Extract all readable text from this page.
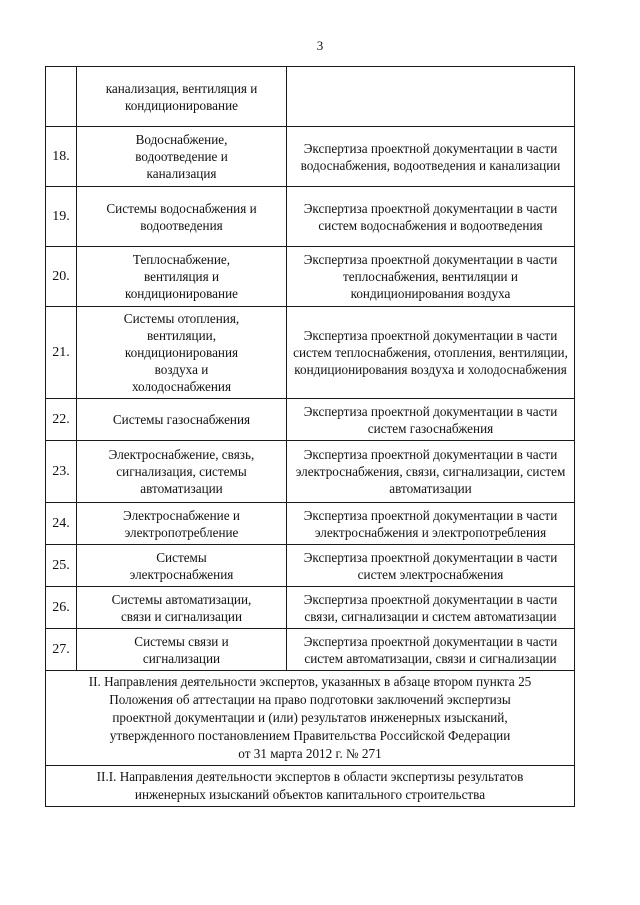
3

	канализация, вентиляция и
кондиционирование	

18.	Водоснабжение,
водоотведение и
канализация	Экспертиза проектной документации в части
водоснабжения, водоотведения и канализации

19.	Системы водоснабжения и
водоотведения	Экспертиза проектной документации в части
систем водоснабжения и водоотведения

20.	Теплоснабжение,
вентиляция и
кондиционирование	Экспертиза проектной документации в части
теплоснабжения, вентиляции и
кондиционирования воздуха

21.	Системы отопления,
вентиляции,
кондиционирования
воздуха и
холодоснабжения	Экспертиза проектной документации в части
систем теплоснабжения, отопления, вентиляции,
кондиционирования воздуха и холодоснабжения

22.	Системы газоснабжения	Экспертиза проектной документации в части
систем газоснабжения

23.	Электроснабжение, связь,
сигнализация, системы
автоматизации	Экспертиза проектной документации в части
электроснабжения, связи, сигнализации, систем
автоматизации

24.	Электроснабжение и
электропотребление	Экспертиза проектной документации в части
электроснабжения и электропотребления

25.	Системы
электроснабжения	Экспертиза проектной документации в части
систем электроснабжения

26.	Системы автоматизации,
связи и сигнализации	Экспертиза проектной документации в части
связи, сигнализации и систем автоматизации

27.	Системы связи и
сигнализации	Экспертиза проектной документации в части
систем автоматизации, связи и сигнализации

II. Направления деятельности экспертов, указанных в абзаце втором пункта 25
Положения об аттестации на право подготовки заключений экспертизы
проектной документации и (или) результатов инженерных изысканий,
утвержденного постановлением Правительства Российской Федерации
от 31 марта 2012 г. № 271		

II.I. Направления деятельности экспертов в области экспертизы результатов
инженерных изысканий объектов капитального строительства		
